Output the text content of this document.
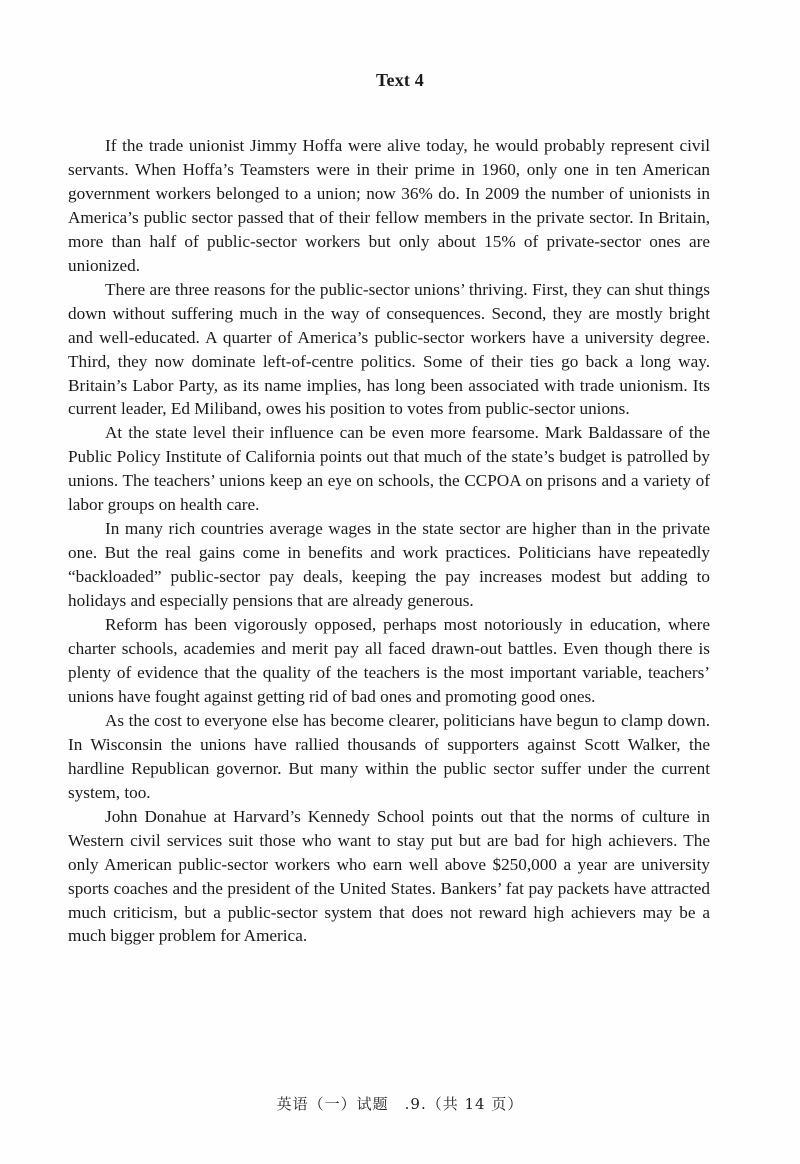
Text 4

If the trade unionist Jimmy Hoffa were alive today, he would probably represent civil servants. When Hoffa’s Teamsters were in their prime in 1960, only one in ten American government workers belonged to a union; now 36% do. In 2009 the number of unionists in America’s public sector passed that of their fellow members in the private sector. In Britain, more than half of public-sector workers but only about 15% of private-sector ones are unionized.

There are three reasons for the public-sector unions’ thriving. First, they can shut things down without suffering much in the way of consequences. Second, they are mostly bright and well-educated. A quarter of America’s public-sector workers have a university degree. Third, they now dominate left-of-centre politics. Some of their ties go back a long way. Britain’s Labor Party, as its name implies, has long been associated with trade unionism. Its current leader, Ed Miliband, owes his position to votes from public-sector unions.

At the state level their influence can be even more fearsome. Mark Baldassare of the Public Policy Institute of California points out that much of the state’s budget is patrolled by unions. The teachers’ unions keep an eye on schools, the CCPOA on prisons and a variety of labor groups on health care.

In many rich countries average wages in the state sector are higher than in the private one. But the real gains come in benefits and work practices. Politicians have repeatedly “backloaded” public-sector pay deals, keeping the pay increases modest but adding to holidays and especially pensions that are already generous.

Reform has been vigorously opposed, perhaps most notoriously in education, where charter schools, academies and merit pay all faced drawn-out battles. Even though there is plenty of evidence that the quality of the teachers is the most important variable, teachers’ unions have fought against getting rid of bad ones and promoting good ones.

As the cost to everyone else has become clearer, politicians have begun to clamp down. In Wisconsin the unions have rallied thousands of supporters against Scott Walker, the hardline Republican governor. But many within the public sector suffer under the current system, too.

John Donahue at Harvard’s Kennedy School points out that the norms of culture in Western civil services suit those who want to stay put but are bad for high achievers. The only American public-sector workers who earn well above $250,000 a year are university sports coaches and the president of the United States. Bankers’ fat pay packets have attracted much criticism, but a public-sector system that does not reward high achievers may be a much bigger problem for America.

英语（一）试题　.9.（共 14 页）
